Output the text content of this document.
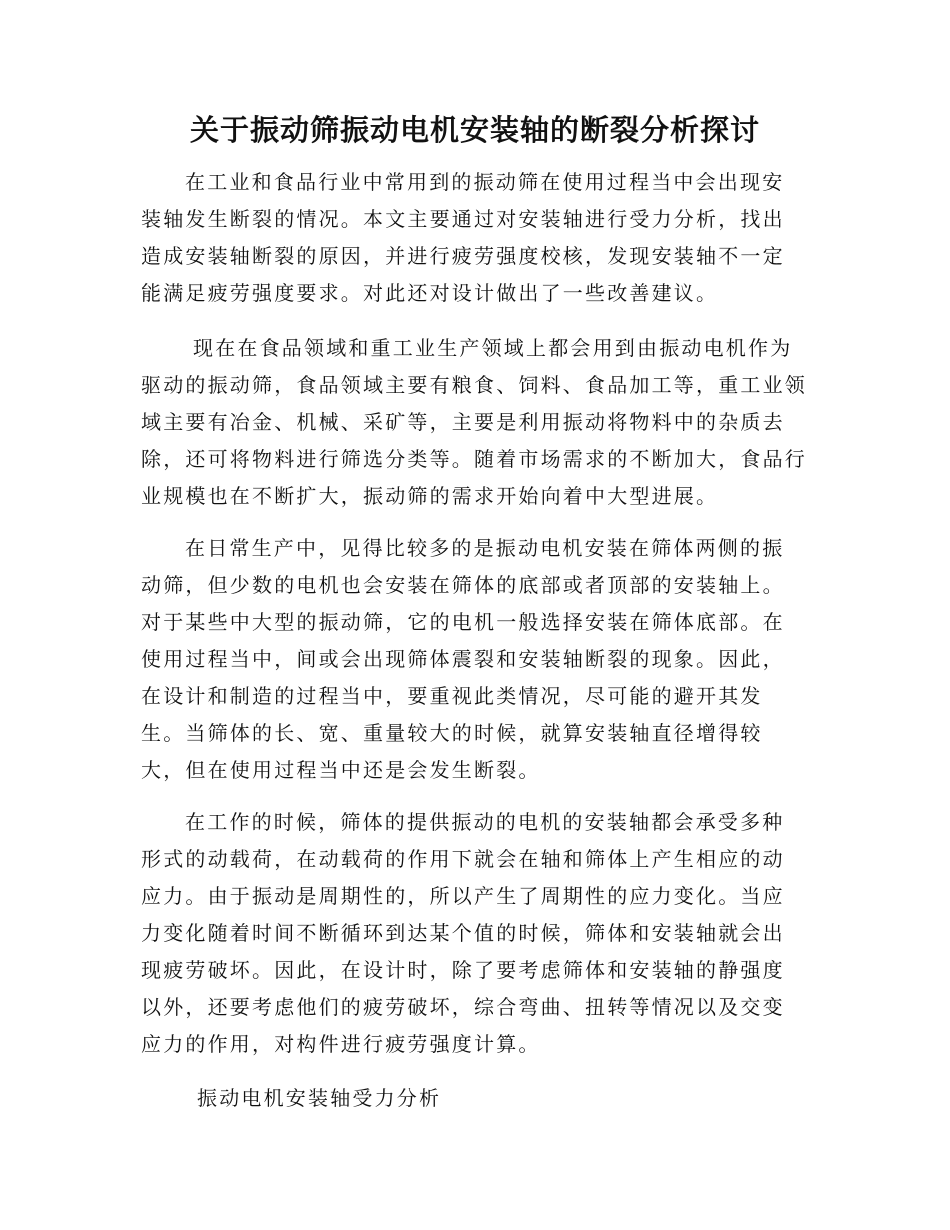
关于振动筛振动电机安装轴的断裂分析探讨

在工业和食品行业中常用到的振动筛在使用过程当中会出现安装轴发生断裂的情况。本文主要通过对安装轴进行受力分析，找出造成安装轴断裂的原因，并进行疲劳强度校核，发现安装轴不一定能满足疲劳强度要求。对此还对设计做出了一些改善建议。

现在在食品领域和重工业生产领域上都会用到由振动电机作为驱动的振动筛，食品领域主要有粮食、饲料、食品加工等，重工业领域主要有冶金、机械、采矿等，主要是利用振动将物料中的杂质去除，还可将物料进行筛选分类等。随着市场需求的不断加大，食品行业规模也在不断扩大，振动筛的需求开始向着中大型进展。

在日常生产中，见得比较多的是振动电机安装在筛体两侧的振动筛，但少数的电机也会安装在筛体的底部或者顶部的安装轴上。对于某些中大型的振动筛，它的电机一般选择安装在筛体底部。在使用过程当中，间或会出现筛体震裂和安装轴断裂的现象。因此，在设计和制造的过程当中，要重视此类情况，尽可能的避开其发生。当筛体的长、宽、重量较大的时候，就算安装轴直径增得较大，但在使用过程当中还是会发生断裂。

在工作的时候，筛体的提供振动的电机的安装轴都会承受多种形式的动载荷，在动载荷的作用下就会在轴和筛体上产生相应的动应力。由于振动是周期性的，所以产生了周期性的应力变化。当应力变化随着时间不断循环到达某个值的时候，筛体和安装轴就会出现疲劳破坏。因此，在设计时，除了要考虑筛体和安装轴的静强度以外，还要考虑他们的疲劳破坏，综合弯曲、扭转等情况以及交变应力的作用，对构件进行疲劳强度计算。

振动电机安装轴受力分析
